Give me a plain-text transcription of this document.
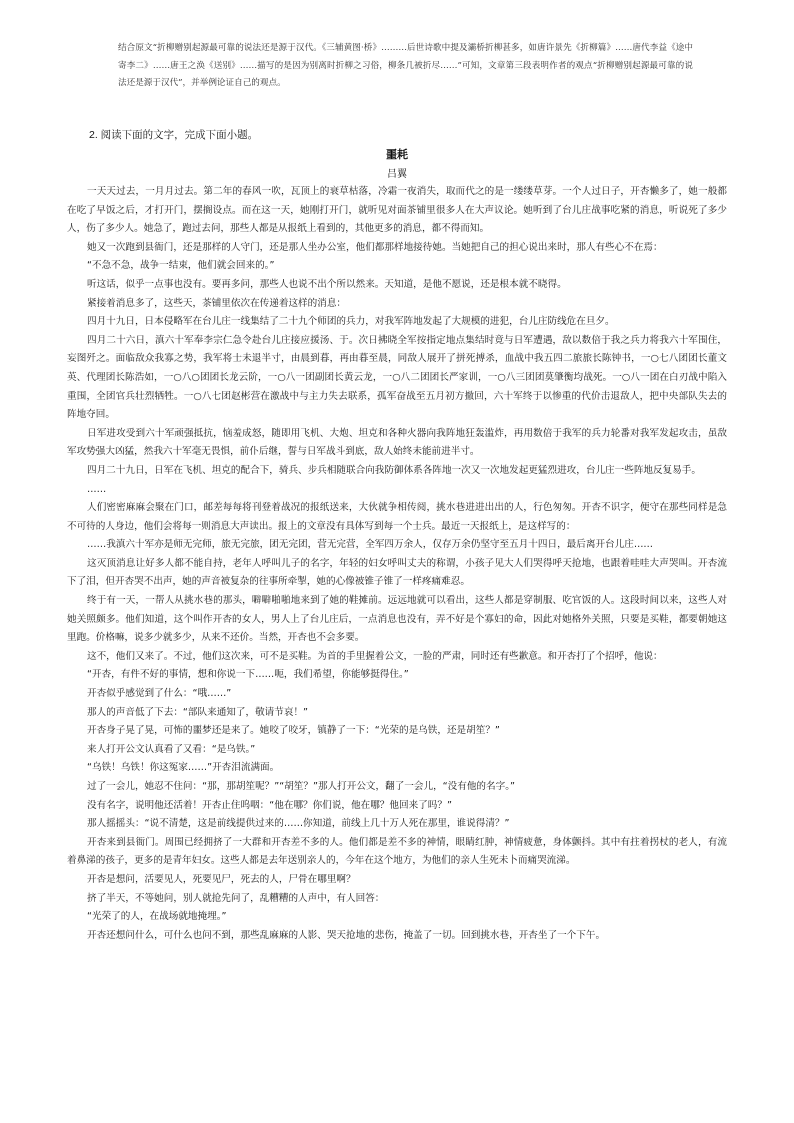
结合原文“折柳赠别起源最可靠的说法还是源于汉代。《三辅黄图·桥》………后世诗歌中提及灞桥折柳甚多，如唐许景先《折柳篇》……唐代李益《途中寄李二》……唐王之涣《送别》……描写的是因为别离时折柳之习俗，柳条几被折尽……”可知，文章第三段表明作者的观点“折柳赠别起源最可靠的说法还是源于汉代”，并举例论证自己的观点。
2. 阅读下面的文字，完成下面小题。
噩耗
吕翼

一天天过去，一月月过去。第二年的春风一吹，瓦顶上的衰草枯落，冷霜一夜消失，取而代之的是一缕缕草芽。一个人过日子，开杏懒多了，她一般都在吃了早饭之后，才打开门，摆搁设点。而在这一天，她刚打开门，就听见对面茶铺里很多人在大声议论。她听到了台儿庄战事吃紧的消息，听说死了多少人，伤了多少人。她急了，跑过去问，那些人都是从报纸上看到的，其他更多的消息，都不得而知。

她又一次跑到县衙门，还是那样的人守门，还是那人坐办公室，他们都那样地接待她。当她把自己的担心说出来时，那人有些心不在焉：

“不急不急，战争一结束，他们就会回来的。”

听这话，似乎一点事也没有。要再多问，那些人也说不出个所以然来。天知道，是他不愿说，还是根本就不晓得。

紧接着消息多了，这些天，茶铺里依次在传递着这样的消息：

四月十九日，日本侵略军在台儿庄一线集结了二十九个师团的兵力，对我军阵地发起了大规模的进犯，台儿庄防线危在旦夕。

四月二十六日，滇六十军奉李宗仁急令赴台儿庄接应援汤、于。次日拂晓全军按指定地点集结时竟与日军遭遇，敌以数倍于我之兵力将我六十军围住，妄图歼之。面临敌众我寡之势，我军将士未退半寸，由晨到暮，再由暮至晨，同敌人展开了拼死搏杀，血战中我五四二旅旅长陈钟书，一○七八团团长董文英、代理团长陈浩如，一○八○团团长龙云阶，一○八一团副团长黄云龙，一○八二团团长严家训，一○八三团团莫肇衡均战死。一○八一团在白刃战中陷入重围，全团官兵壮烈牺牲。一○八七团赵彬营在激战中与主力失去联系，孤军奋战至五月初方撤回，六十军终于以惨重的代价击退敌人，把中央部队失去的阵地夺回。

日军进攻受到六十军顽强抵抗，恼羞成怒，随即用飞机、大炮、坦克和各种火器向我阵地狂轰滥炸，再用数倍于我军的兵力轮番对我军发起攻击，虽敌军攻势强大凶猛，然我六十军毫无畏惧，前仆后继，誓与日军战斗到底，敌人始终未能前进半寸。

四月二十九日，日军在飞机、坦克的配合下，骑兵、步兵相随联合向我防御体系各阵地一次又一次地发起更猛烈进攻，台儿庄一些阵地反复易手。

……

人们密密麻麻会聚在门口，邮差每每将刊登着战况的报纸送来，大伙就争相传阅，挑水巷进进出出的人，行色匆匆。开杏不识字，便守在那些同样是急不可待的人身边，他们会将每一则消息大声读出。报上的文章没有具体写到每一个士兵。最近一天报纸上，是这样写的：

……我滇六十军亦是师无完师，旅无完旅，团无完团，营无完营，全军四万余人，仅存万余仍坚守至五月十四日，最后离开台儿庄……

这灭顶消息让好多人都不能自持，老年人呼叫儿子的名字，年轻的妇女呼叫丈夫的称谓，小孩子见大人们哭得呼天抢地，也跟着哇哇大声哭叫。开杏流下了泪，但开杏哭不出声，她的声音被复杂的往事所牵掣，她的心像被锥子锥了一样疼痛难忍。

终于有一天，一帮人从挑水巷的那头，噼噼啪啪地来到了她的鞋摊前。远远地就可以看出，这些人都是穿制服、吃官饭的人。这段时间以来，这些人对她关照颇多。他们知道，这个叫作开杏的女人，男人上了台儿庄后，一点消息也没有，弄不好是个寡妇的命，因此对她格外关照，只要是买鞋，都要朝她这里跑。价格嘛，说多少就多少，从来不还价。当然，开杏也不会多要。

这不，他们又来了。不过，他们这次来，可不是买鞋。为首的手里握着公文，一脸的严肃，同时还有些歉意。和开杏打了个招呼，他说：

“开杏，有件不好的事情，想和你说一下……呃，我们希望，你能够挺得住。”

开杏似乎感觉到了什么：“哦……”

那人的声音低了下去：“部队来通知了，敬请节哀！”

开杏身子晃了晃，可怖的噩梦还是来了。她咬了咬牙，镇静了一下：“光荣的是乌铁，还是胡笙？”

来人打开公文认真看了又看：“是乌铁。”

“乌铁！乌铁！你这冤家……”开杏泪流满面。

过了一会儿，她忍不住问：“那，那胡笙呢？”“胡笙？”那人打开公文，翻了一会儿，“没有他的名字。”

没有名字，说明他还活着！开杏止住呜咽：“他在哪？你们说，他在哪？他回来了吗？”

那人摇摇头：“说不清楚，这是前线提供过来的……你知道，前线上几十万人死在那里，谁说得清？”

开杏来到县衙门。周围已经拥挤了一大群和开杏差不多的人。他们都是差不多的神情，眼睛红肿，神情疲惫，身体颤抖。其中有拄着拐杖的老人，有流着鼻涕的孩子，更多的是青年妇女。这些人都是去年送别亲人的，今年在这个地方，为他们的亲人生死未卜而痛哭流涕。

开杏是想问，活要见人，死要见尸，死去的人，尸骨在哪里啊？

挤了半天，不等她问，别人就抢先问了，乱糟糟的人声中，有人回答：

“光荣了的人，在战场就地掩埋。”

开杏还想问什么，可什么也问不到，那些乱麻麻的人影、哭天抢地的悲伤，掩盖了一切。回到挑水巷，开杏坐了一个下午。
